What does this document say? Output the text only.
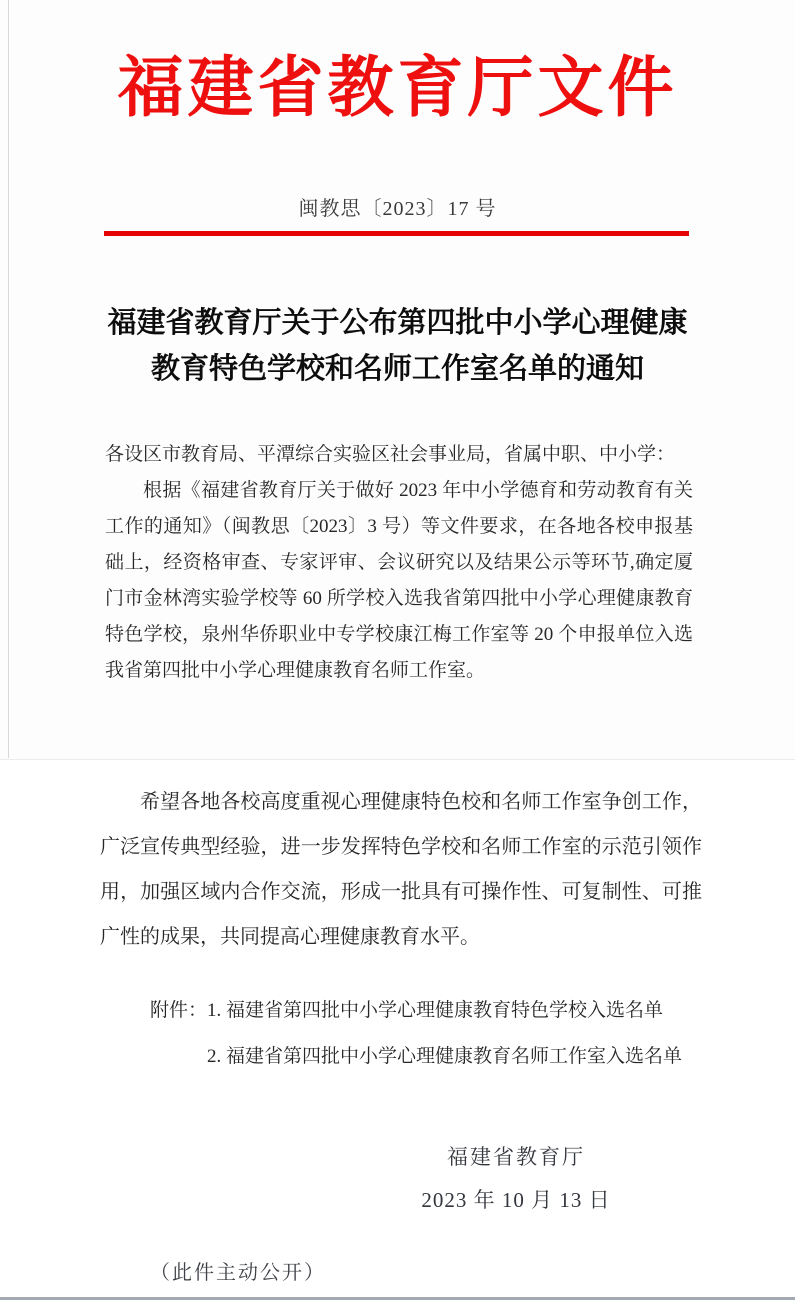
福建省教育厅文件
闽教思〔2023〕17 号
福建省教育厅关于公布第四批中小学心理健康
教育特色学校和名师工作室名单的通知

各设区市教育局、平潭综合实验区社会事业局，省属中职、中小学：

根据《福建省教育厅关于做好 2023 年中小学德育和劳动教育有关工作的通知》（闽教思〔2023〕3 号）等文件要求，在各地各校申报基础上，经资格审查、专家评审、会议研究以及结果公示等环节,确定厦门市金林湾实验学校等 60 所学校入选我省第四批中小学心理健康教育特色学校，泉州华侨职业中专学校康江梅工作室等 20 个申报单位入选我省第四批中小学心理健康教育名师工作室。

希望各地各校高度重视心理健康特色校和名师工作室争创工作，广泛宣传典型经验，进一步发挥特色学校和名师工作室的示范引领作用，加强区域内合作交流，形成一批具有可操作性、可复制性、可推广性的成果，共同提高心理健康教育水平。

附件： 1. 福建省第四批中小学心理健康教育特色学校入选名单
2. 福建省第四批中小学心理健康教育名师工作室入选名单
福建省教育厅
2023 年 10 月 13 日
（此件主动公开）
